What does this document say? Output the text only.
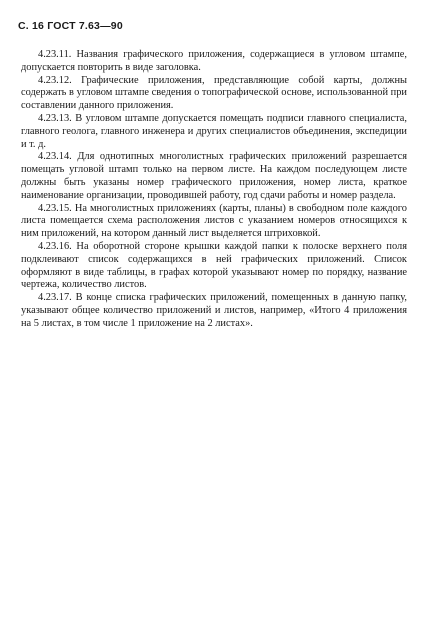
С. 16 ГОСТ 7.63—90

4.23.11. Названия графического приложения, содержащиеся в угловом штампе, допускается повторить в виде заголовка.

4.23.12. Графические приложения, представляющие собой карты, должны содержать в угловом штампе сведения о топографической основе, использованной при составлении данного приложения.

4.23.13. В угловом штампе допускается помещать подписи главного специалиста, главного геолога, главного инженера и других специалистов объединения, экспедиции и т. д.

4.23.14. Для однотипных многолистных графических приложений разрешается помещать угловой штамп только на первом листе. На каждом последующем листе должны быть указаны номер графического приложения, номер листа, краткое наименование организации, проводившей работу, год сдачи работы и номер раздела.

4.23.15. На многолистных приложениях (карты, планы) в свободном поле каждого листа помещается схема расположения листов с указанием номеров относящихся к ним приложений, на котором данный лист выделяется штриховкой.

4.23.16. На оборотной стороне крышки каждой папки к полоске верхнего поля подклеивают список содержащихся в ней графических приложений. Список оформляют в виде таблицы, в графах которой указывают номер по порядку, название чертежа, количество листов.

4.23.17. В конце списка графических приложений, помещенных в данную папку, указывают общее количество приложений и листов, например, «Итого 4 приложения на 5 листах, в том числе 1 приложение на 2 листах».
